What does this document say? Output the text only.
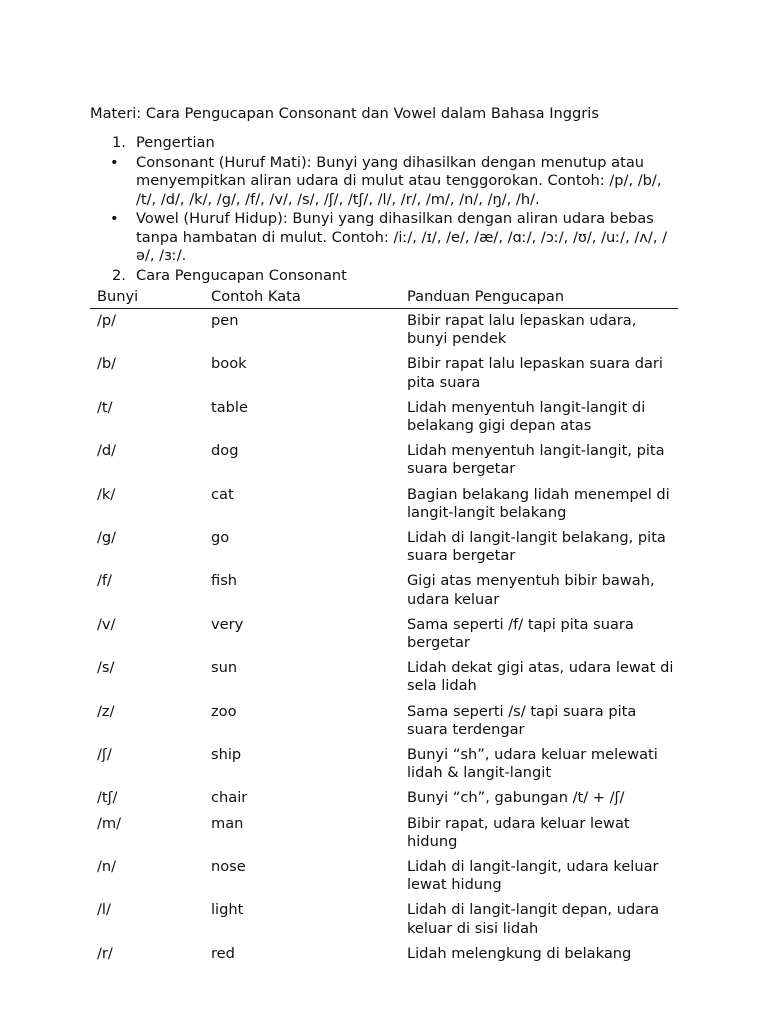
Materi: Cara Pengucapan Consonant dan Vowel dalam Bahasa Inggris
1. Pengertian
• Consonant (Huruf Mati): Bunyi yang dihasilkan dengan menutup atau menyempitkan aliran udara di mulut atau tenggorokan. Contoh: /p/, /b/, /t/, /d/, /k/, /g/, /f/, /v/, /s/, /ʃ/, /tʃ/, /l/, /r/, /m/, /n/, /ŋ/, /h/.
• Vowel (Huruf Hidup): Bunyi yang dihasilkan dengan aliran udara bebas tanpa hambatan di mulut. Contoh: /iː/, /ɪ/, /e/, /æ/, /ɑː/, /ɔː/, /ʊ/, /uː/, /ʌ/, /ə/, /ɜː/.
2. Cara Pengucapan Consonant
Bunyi	Contoh Kata	Panduan Pengucapan
/p/	pen	Bibir rapat lalu lepaskan udara, bunyi pendek
/b/	book	Bibir rapat lalu lepaskan suara dari pita suara
/t/	table	Lidah menyentuh langit-langit di belakang gigi depan atas
/d/	dog	Lidah menyentuh langit-langit, pita suara bergetar
/k/	cat	Bagian belakang lidah menempel di langit-langit belakang
/g/	go	Lidah di langit-langit belakang, pita suara bergetar
/f/	fish	Gigi atas menyentuh bibir bawah, udara keluar
/v/	very	Sama seperti /f/ tapi pita suara bergetar
/s/	sun	Lidah dekat gigi atas, udara lewat di sela lidah
/z/	zoo	Sama seperti /s/ tapi suara pita suara terdengar
/ʃ/	ship	Bunyi “sh”, udara keluar melewati lidah & langit-langit
/tʃ/	chair	Bunyi “ch”, gabungan /t/ + /ʃ/
/m/	man	Bibir rapat, udara keluar lewat hidung
/n/	nose	Lidah di langit-langit, udara keluar lewat hidung
/l/	light	Lidah di langit-langit depan, udara keluar di sisi lidah
/r/	red	Lidah melengkung di belakang
